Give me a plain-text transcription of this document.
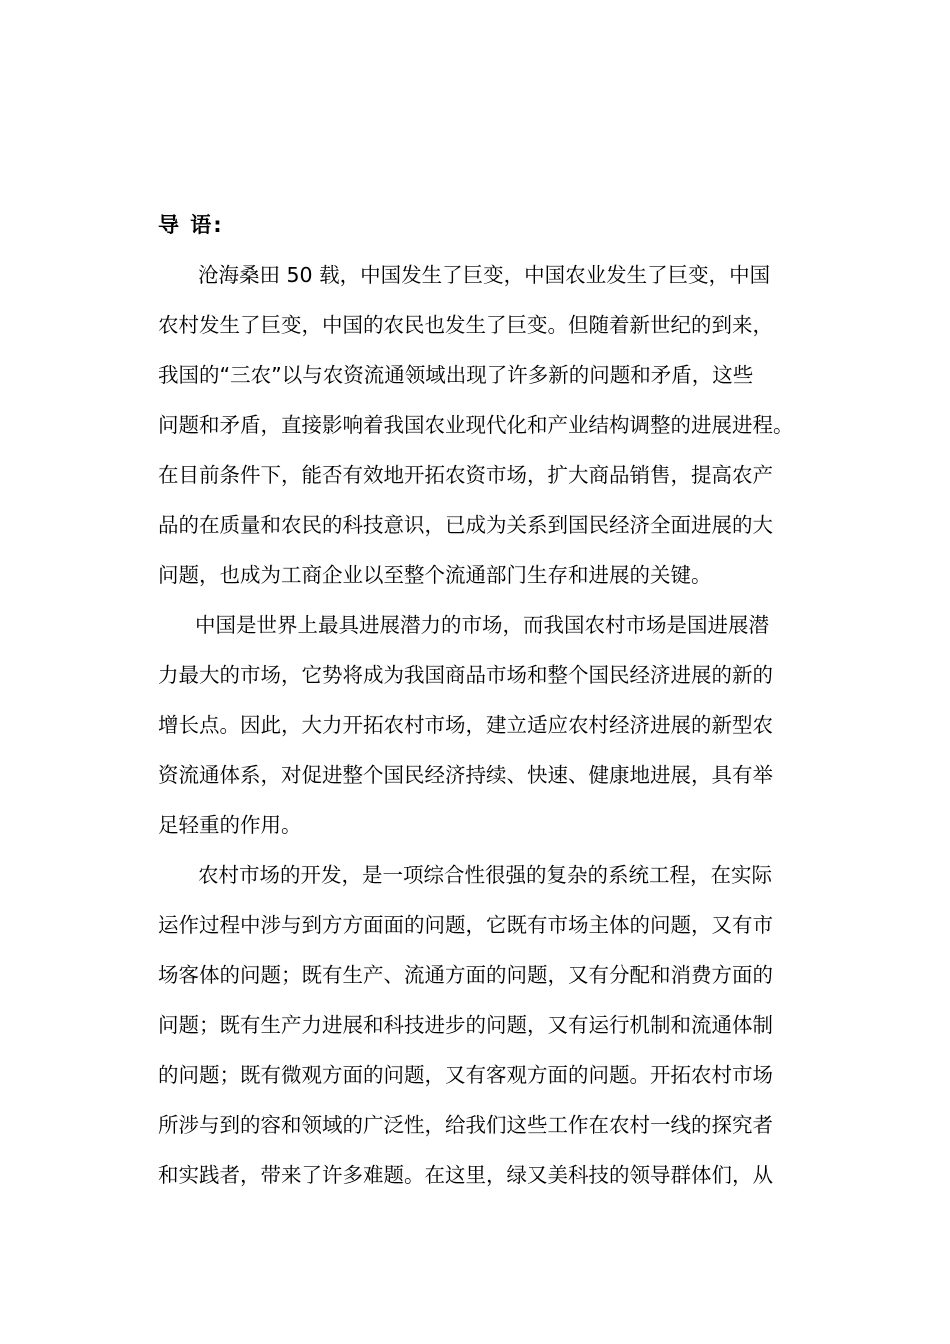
导 语:

沧海桑田 50 载，中国发生了巨变，中国农业发生了巨变，中国

农村发生了巨变，中国的农民也发生了巨变。但随着新世纪的到来，

我国的“三农”以与农资流通领域出现了许多新的问题和矛盾，这些

问题和矛盾，直接影响着我国农业现代化和产业结构调整的进展进程。

在目前条件下，能否有效地开拓农资市场，扩大商品销售，提高农产

品的在质量和农民的科技意识，已成为关系到国民经济全面进展的大

问题，也成为工商企业以至整个流通部门生存和进展的关键。

中国是世界上最具进展潜力的市场，而我国农村市场是国进展潜

力最大的市场，它势将成为我国商品市场和整个国民经济进展的新的

增长点。因此，大力开拓农村市场，建立适应农村经济进展的新型农

资流通体系，对促进整个国民经济持续、快速、健康地进展，具有举

足轻重的作用。

农村市场的开发，是一项综合性很强的复杂的系统工程，在实际

运作过程中涉与到方方面面的问题，它既有市场主体的问题，又有市

场客体的问题；既有生产、流通方面的问题，又有分配和消费方面的

问题；既有生产力进展和科技进步的问题，又有运行机制和流通体制

的问题；既有微观方面的问题，又有客观方面的问题。开拓农村市场

所涉与到的容和领域的广泛性，给我们这些工作在农村一线的探究者

和实践者，带来了许多难题。在这里，绿又美科技的领导群体们，从
